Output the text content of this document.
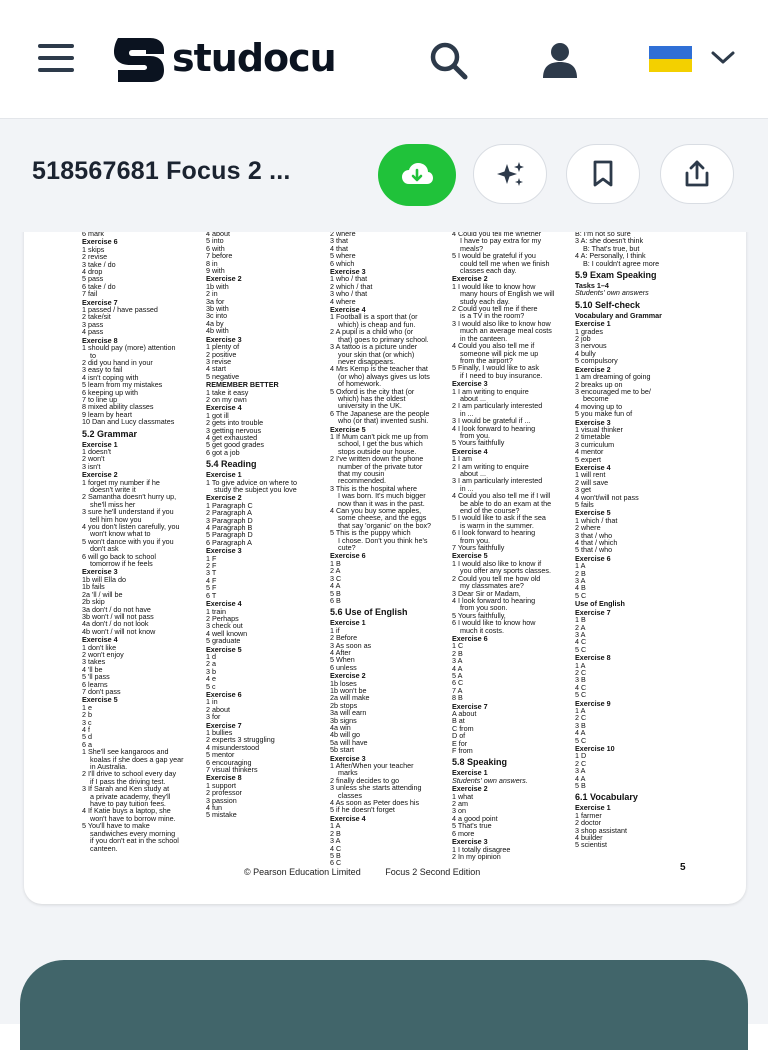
studocu
518567681 Focus 2 ...
6 mark
Exercise 6
1 skips
2 revise
3 take / do
4 drop
5 pass
6 take / do
7 fail
Exercise 7
1 passed / have passed
2 take/sit
3 pass
4 pass
Exercise 8
1 should pay (more) attention
to
2 did you hand in your
3 easy to fail
4 isn't coping with
5 learn from my mistakes
6 keeping up with
7 to line up
8 mixed ability classes
9 learn by heart
10 Dan and Lucy classmates
5.2 Grammar
Exercise 1
1 doesn't
2 won't
3 isn't
Exercise 2
1 forget my number if he
doesn't write it
2 Samantha doesn't hurry up,
she'll miss her
3 sure he'll understand if you
tell him how you
4 you don't listen carefully, you
won't know what to
5 won't dance with you if you
don't ask
6 will go back to school
tomorrow if he feels
Exercise 3
1b will Ella do
1b fails
2a 'll / will be
2b skip
3a don't / do not have
3b won't / will not pass
4a don't / do not look
4b won't / will not know
Exercise 4
1 don't like
2 won't enjoy
3 takes
4 'll be
5 'll pass
6 learns
7 don't pass
Exercise 5
1 e
2 b
3 c
4 f
5 d
6 a
1 She'll see kangaroos and
koalas if she does a gap year
in Australia.
2 I'll drive to school every day
if I pass the driving test.
3 If Sarah and Ken study at
a private academy, they'll
have to pay tuition fees.
4 If Katie buys a laptop, she
won't have to borrow mine.
5 You'll have to make
sandwiches every morning
if you don't eat in the school
canteen.
4 about
5 into
6 with
7 before
8 in
9 with
Exercise 2
1b with
2 in
3a for
3b with
3c into
4a by
4b with
Exercise 3
1 plenty of
2 positive
3 revise
4 start
5 negative
REMEMBER BETTER
1 take it easy
2 on my own
Exercise 4
1 got ill
2 gets into trouble
3 getting nervous
4 get exhausted
5 get good grades
6 got a job
5.4 Reading
Exercise 1
1 To give advice on where to
study the subject you love
Exercise 2
1 Paragraph C
2 Paragraph A
3 Paragraph D
4 Paragraph B
5 Paragraph D
6 Paragraph A
Exercise 3
1 F
2 F
3 T
4 F
5 F
6 T
Exercise 4
1 train
2 Perhaps
3 check out
4 well known
5 graduate
Exercise 5
1 d
2 a
3 b
4 e
5 c
Exercise 6
1 in
2 about
3 for
Exercise 7
1 bullies
2 experts 3 struggling
4 misunderstood
5 mentor
6 encouraging
7 visual thinkers
Exercise 8
1 support
2 professor
3 passion
4 fun
5 mistake
2 where
3 that
4 that
5 where
6 which
Exercise 3
1 who / that
2 which / that
3 who / that
4 where
Exercise 4
1 Football is a sport that (or
which) is cheap and fun.
2 A pupil is a child who (or
that) goes to primary school.
3 A tattoo is a picture under
your skin that (or which)
never disappears.
4 Mrs Kemp is the teacher that
(or who) always gives us lots
of homework.
5 Oxford is the city that (or
which) has the oldest
university in the UK.
6 The Japanese are the people
who (or that) invented sushi.
Exercise 5
1 If Mum can't pick me up from
school, I get the bus which
stops outside our house.
2 I've written down the phone
number of the private tutor
that my cousin
recommended.
3 This is the hospital where
I was born. It's much bigger
now than it was in the past.
4 Can you buy some apples,
some cheese, and the eggs
that say 'organic' on the box?
5 This is the puppy which
I chose. Don't you think he's
cute?
Exercise 6
1 B
2 A
3 C
4 A
5 B
6 B
5.6 Use of English
Exercise 1
1 if
2 Before
3 As soon as
4 After
5 When
6 unless
Exercise 2
1b loses
1b won't be
2a will make
2b stops
3a will earn
3b signs
4a win
4b will go
5a will have
5b start
Exercise 3
1 After/When your teacher
marks
2 finally decides to go
3 unless she starts attending
classes
4 As soon as Peter does his
5 if he doesn't forget
Exercise 4
1 A
2 B
3 A
4 C
5 B
6 C
4 Could you tell me whether
I have to pay extra for my
meals?
5 I would be grateful if you
could tell me when we finish
classes each day.
Exercise 2
1 I would like to know how
many hours of English we will
study each day.
2 Could you tell me if there
is a TV in the room?
3 I would also like to know how
much an average meal costs
in the canteen.
4 Could you also tell me if
someone will pick me up
from the airport?
5 Finally, I would like to ask
if I need to buy insurance.
Exercise 3
1 I am writing to enquire
about ...
2 I am particularly interested
in ...
3 I would be grateful if ...
4 I look forward to hearing
from you.
5 Yours faithfully
Exercise 4
1 I am
2 I am writing to enquire
about ...
3 I am particularly interested
in ...
4 Could you also tell me if I will
be able to do an exam at the
end of the course?
5 I would like to ask if the sea
is warm in the summer.
6 I look forward to hearing
from you.
7 Yours faithfully
Exercise 5
1 I would also like to know if
you offer any sports classes.
2 Could you tell me how old
my classmates are?
3 Dear Sir or Madam,
4 I look forward to hearing
from you soon.
5 Yours faithfully,
6 I would like to know how
much it costs.
Exercise 6
1 C
2 B
3 A
4 A
5 A
6 C
7 A
8 B
Exercise 7
A about
B at
C from
D of
E for
F from
5.8 Speaking
Exercise 1
Students' own answers.
Exercise 2
1 what
2 am
3 on
4 a good point
5 That's true
6 more
Exercise 3
1 I totally disagree
2 In my opinion
B: I'm not so sure
3 A: she doesn't think
B: That's true, but
4 A: Personally, I think
B: I couldn't agree more
5.9 Exam Speaking
Tasks 1–4
Students' own answers
5.10 Self-check
Vocabulary and Grammar
Exercise 1
1 grades
2 job
3 nervous
4 bully
5 compulsory
Exercise 2
1 am dreaming of going
2 breaks up on
3 encouraged me to be/
become
4 moving up to
5 you make fun of
Exercise 3
1 visual thinker
2 timetable
3 curriculum
4 mentor
5 expert
Exercise 4
1 will rent
2 will save
3 get
4 won't/will not pass
5 fails
Exercise 5
1 which / that
2 where
3 that / who
4 that / which
5 that / who
Exercise 6
1 A
2 B
3 A
4 B
5 C
Use of English
Exercise 7
1 B
2 A
3 A
4 C
5 C
Exercise 8
1 A
2 C
3 B
4 C
5 C
Exercise 9
1 A
2 C
3 B
4 A
5 C
Exercise 10
1 D
2 C
3 A
4 A
5 B
6.1 Vocabulary
Exercise 1
1 farmer
2 doctor
3 shop assistant
4 builder
5 scientist
© Pearson Education Limited	Focus 2 Second Edition	5
